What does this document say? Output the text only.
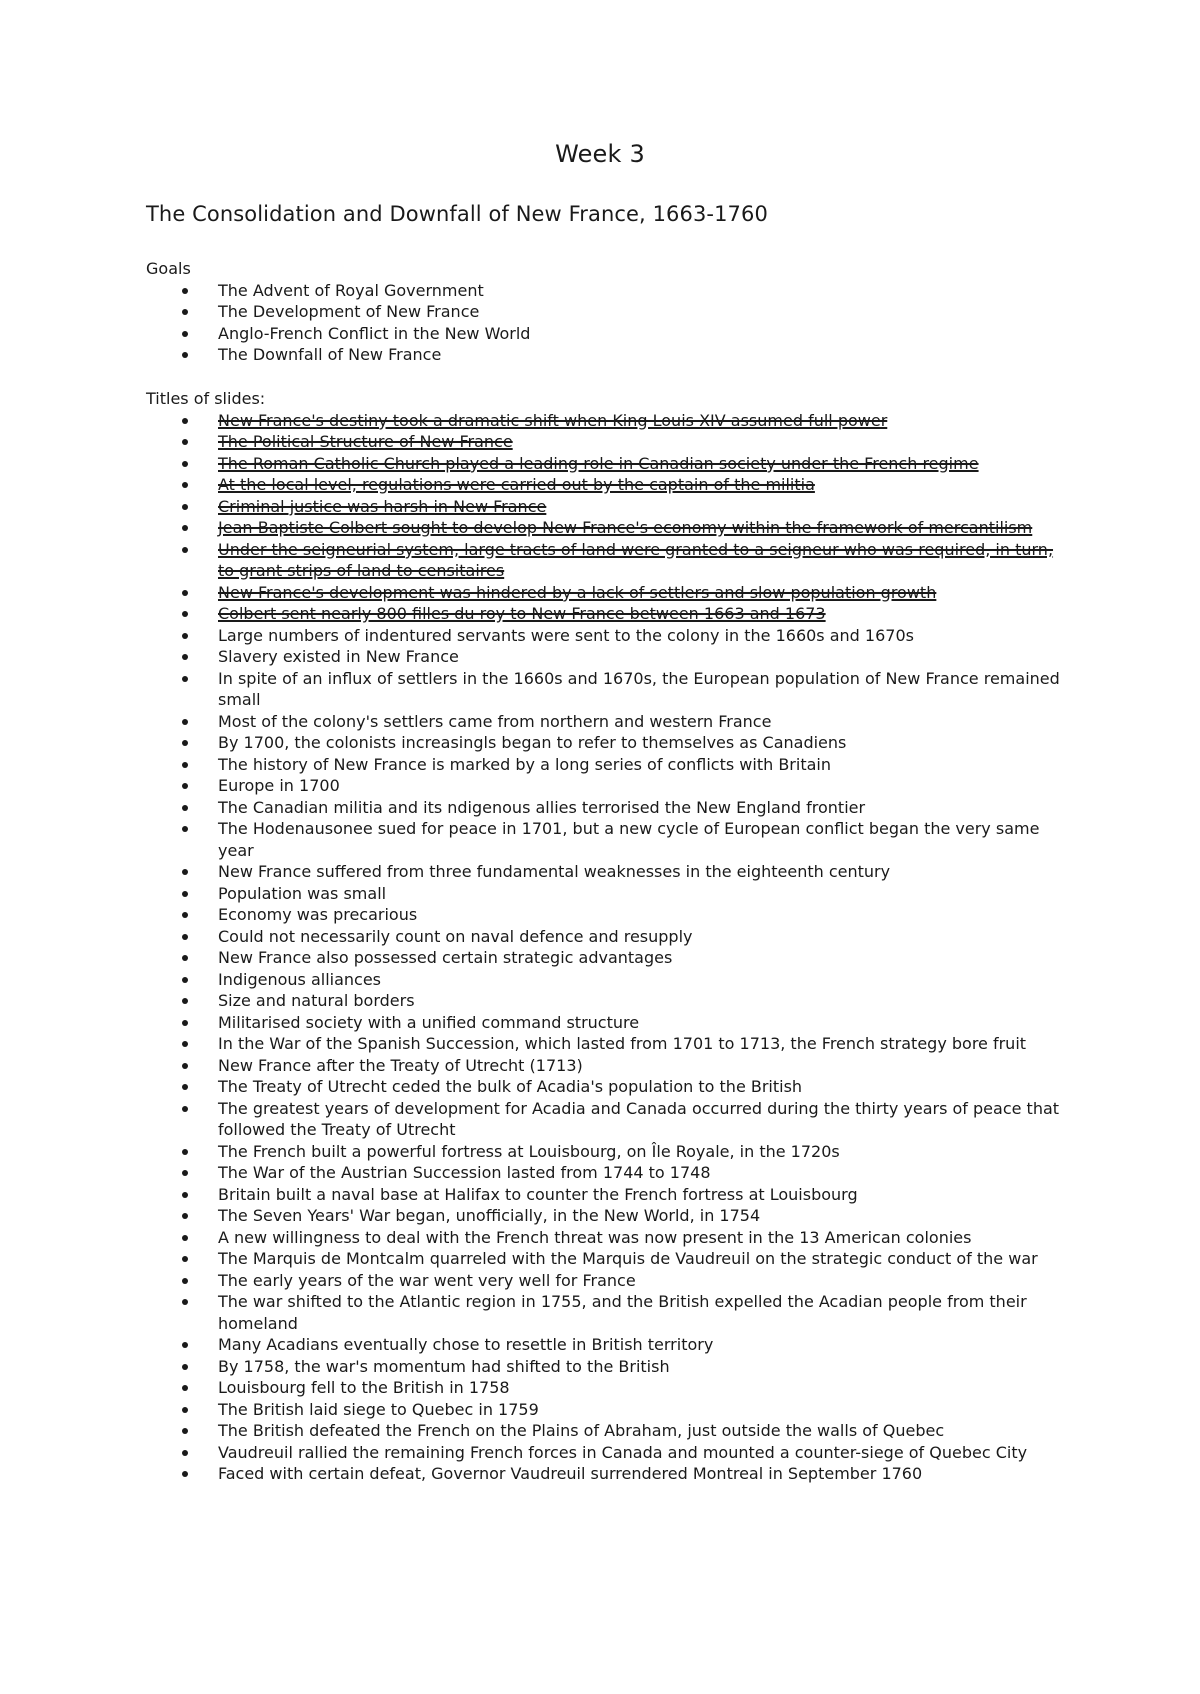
Week 3
The Consolidation and Downfall of New France, 1663-1760

Goals

The Advent of Royal Government
The Development of New France
Anglo-French Conflict in the New World
The Downfall of New France

Titles of slides:

New France's destiny took a dramatic shift when King Louis XIV assumed full power
The Political Structure of New France
The Roman Catholic Church played a leading role in Canadian society under the French regime
At the local level, regulations were carried out by the captain of the militia
Criminal justice was harsh in New France
Jean-Baptiste Colbert sought to develop New France's economy within the framework of mercantilism
Under the seigneurial system, large tracts of land were granted to a seigneur who was required, in turn, to grant strips of land to censitaires
New France's development was hindered by a lack of settlers and slow population growth
Colbert sent nearly 800 filles du roy to New France between 1663 and 1673
Large numbers of indentured servants were sent to the colony in the 1660s and 1670s
Slavery existed in New France
In spite of an influx of settlers in the 1660s and 1670s, the European population of New France remained small
Most of the colony's settlers came from northern and western France
By 1700, the colonists increasingls began to refer to themselves as Canadiens
The history of New France is marked by a long series of conflicts with Britain
Europe in 1700
The Canadian militia and its ndigenous allies terrorised the New England frontier
The Hodenausonee sued for peace in 1701, but a new cycle of European conflict began the very same year
New France suffered from three fundamental weaknesses in the eighteenth century
Population was small
Economy was precarious
Could not necessarily count on naval defence and resupply
New France also possessed certain strategic advantages
Indigenous alliances
Size and natural borders
Militarised society with a unified command structure
In the War of the Spanish Succession, which lasted from 1701 to 1713, the French strategy bore fruit
New France after the Treaty of Utrecht (1713)
The Treaty of Utrecht ceded the bulk of Acadia's population to the British
The greatest years of development for Acadia and Canada occurred during the thirty years of peace that followed the Treaty of Utrecht
The French built a powerful fortress at Louisbourg, on Île Royale, in the 1720s
The War of the Austrian Succession lasted from 1744 to 1748
Britain built a naval base at Halifax to counter the French fortress at Louisbourg
The Seven Years' War began, unofficially, in the New World, in 1754
A new willingness to deal with the French threat was now present in the 13 American colonies
The Marquis de Montcalm quarreled with the Marquis de Vaudreuil on the strategic conduct of the war
The early years of the war went very well for France
The war shifted to the Atlantic region in 1755, and the British expelled the Acadian people from their homeland
Many Acadians eventually chose to resettle in British territory
By 1758, the war's momentum had shifted to the British
Louisbourg fell to the British in 1758
The British laid siege to Quebec in 1759
The British defeated the French on the Plains of Abraham, just outside the walls of Quebec
Vaudreuil rallied the remaining French forces in Canada and mounted a counter-siege of Quebec City
Faced with certain defeat, Governor Vaudreuil surrendered Montreal in September 1760
